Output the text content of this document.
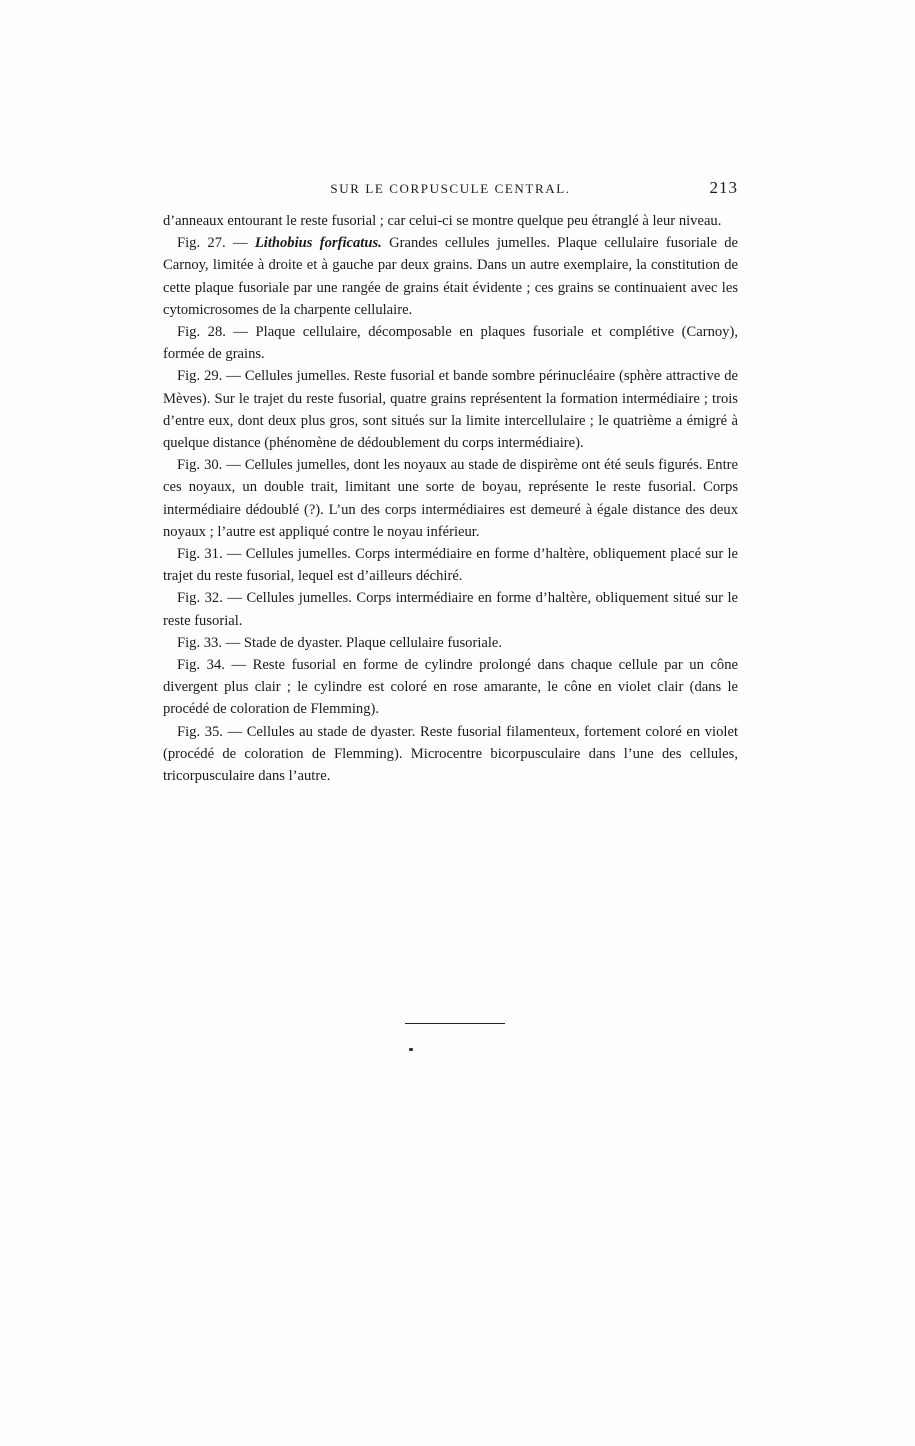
SUR LE CORPUSCULE CENTRAL.	213

d’anneaux entourant le reste fusorial ; car celui-ci se montre quelque peu étranglé à leur niveau.

Fig. 27. — Lithobius forficatus. Grandes cellules jumelles. Plaque cellulaire fusoriale de Carnoy, limitée à droite et à gauche par deux grains. Dans un autre exemplaire, la constitution de cette plaque fusoriale par une rangée de grains était évidente ; ces grains se continuaient avec les cytomicrosomes de la charpente cellulaire.

Fig. 28. — Plaque cellulaire, décomposable en plaques fusoriale et complétive (Carnoy), formée de grains.

Fig. 29. — Cellules jumelles. Reste fusorial et bande sombre périnucléaire (sphère attractive de Mèves). Sur le trajet du reste fusorial, quatre grains représentent la formation intermédiaire ; trois d’entre eux, dont deux plus gros, sont situés sur la limite intercellulaire ; le quatrième a émigré à quelque distance (phénomène de dédoublement du corps intermédiaire).

Fig. 30. — Cellules jumelles, dont les noyaux au stade de dispirème ont été seuls figurés. Entre ces noyaux, un double trait, limitant une sorte de boyau, représente le reste fusorial. Corps intermédiaire dédoublé (?). L’un des corps intermédiaires est demeuré à égale distance des deux noyaux ; l’autre est appliqué contre le noyau inférieur.

Fig. 31. — Cellules jumelles. Corps intermédiaire en forme d’haltère, obliquement placé sur le trajet du reste fusorial, lequel est d’ailleurs déchiré.

Fig. 32. — Cellules jumelles. Corps intermédiaire en forme d’haltère, obliquement situé sur le reste fusorial.

Fig. 33. — Stade de dyaster. Plaque cellulaire fusoriale.

Fig. 34. — Reste fusorial en forme de cylindre prolongé dans chaque cellule par un cône divergent plus clair ; le cylindre est coloré en rose amarante, le cône en violet clair (dans le procédé de coloration de Flemming).

Fig. 35. — Cellules au stade de dyaster. Reste fusorial filamenteux, fortement coloré en violet (procédé de coloration de Flemming). Microcentre bicorpusculaire dans l’une des cellules, tricorpusculaire dans l’autre.
